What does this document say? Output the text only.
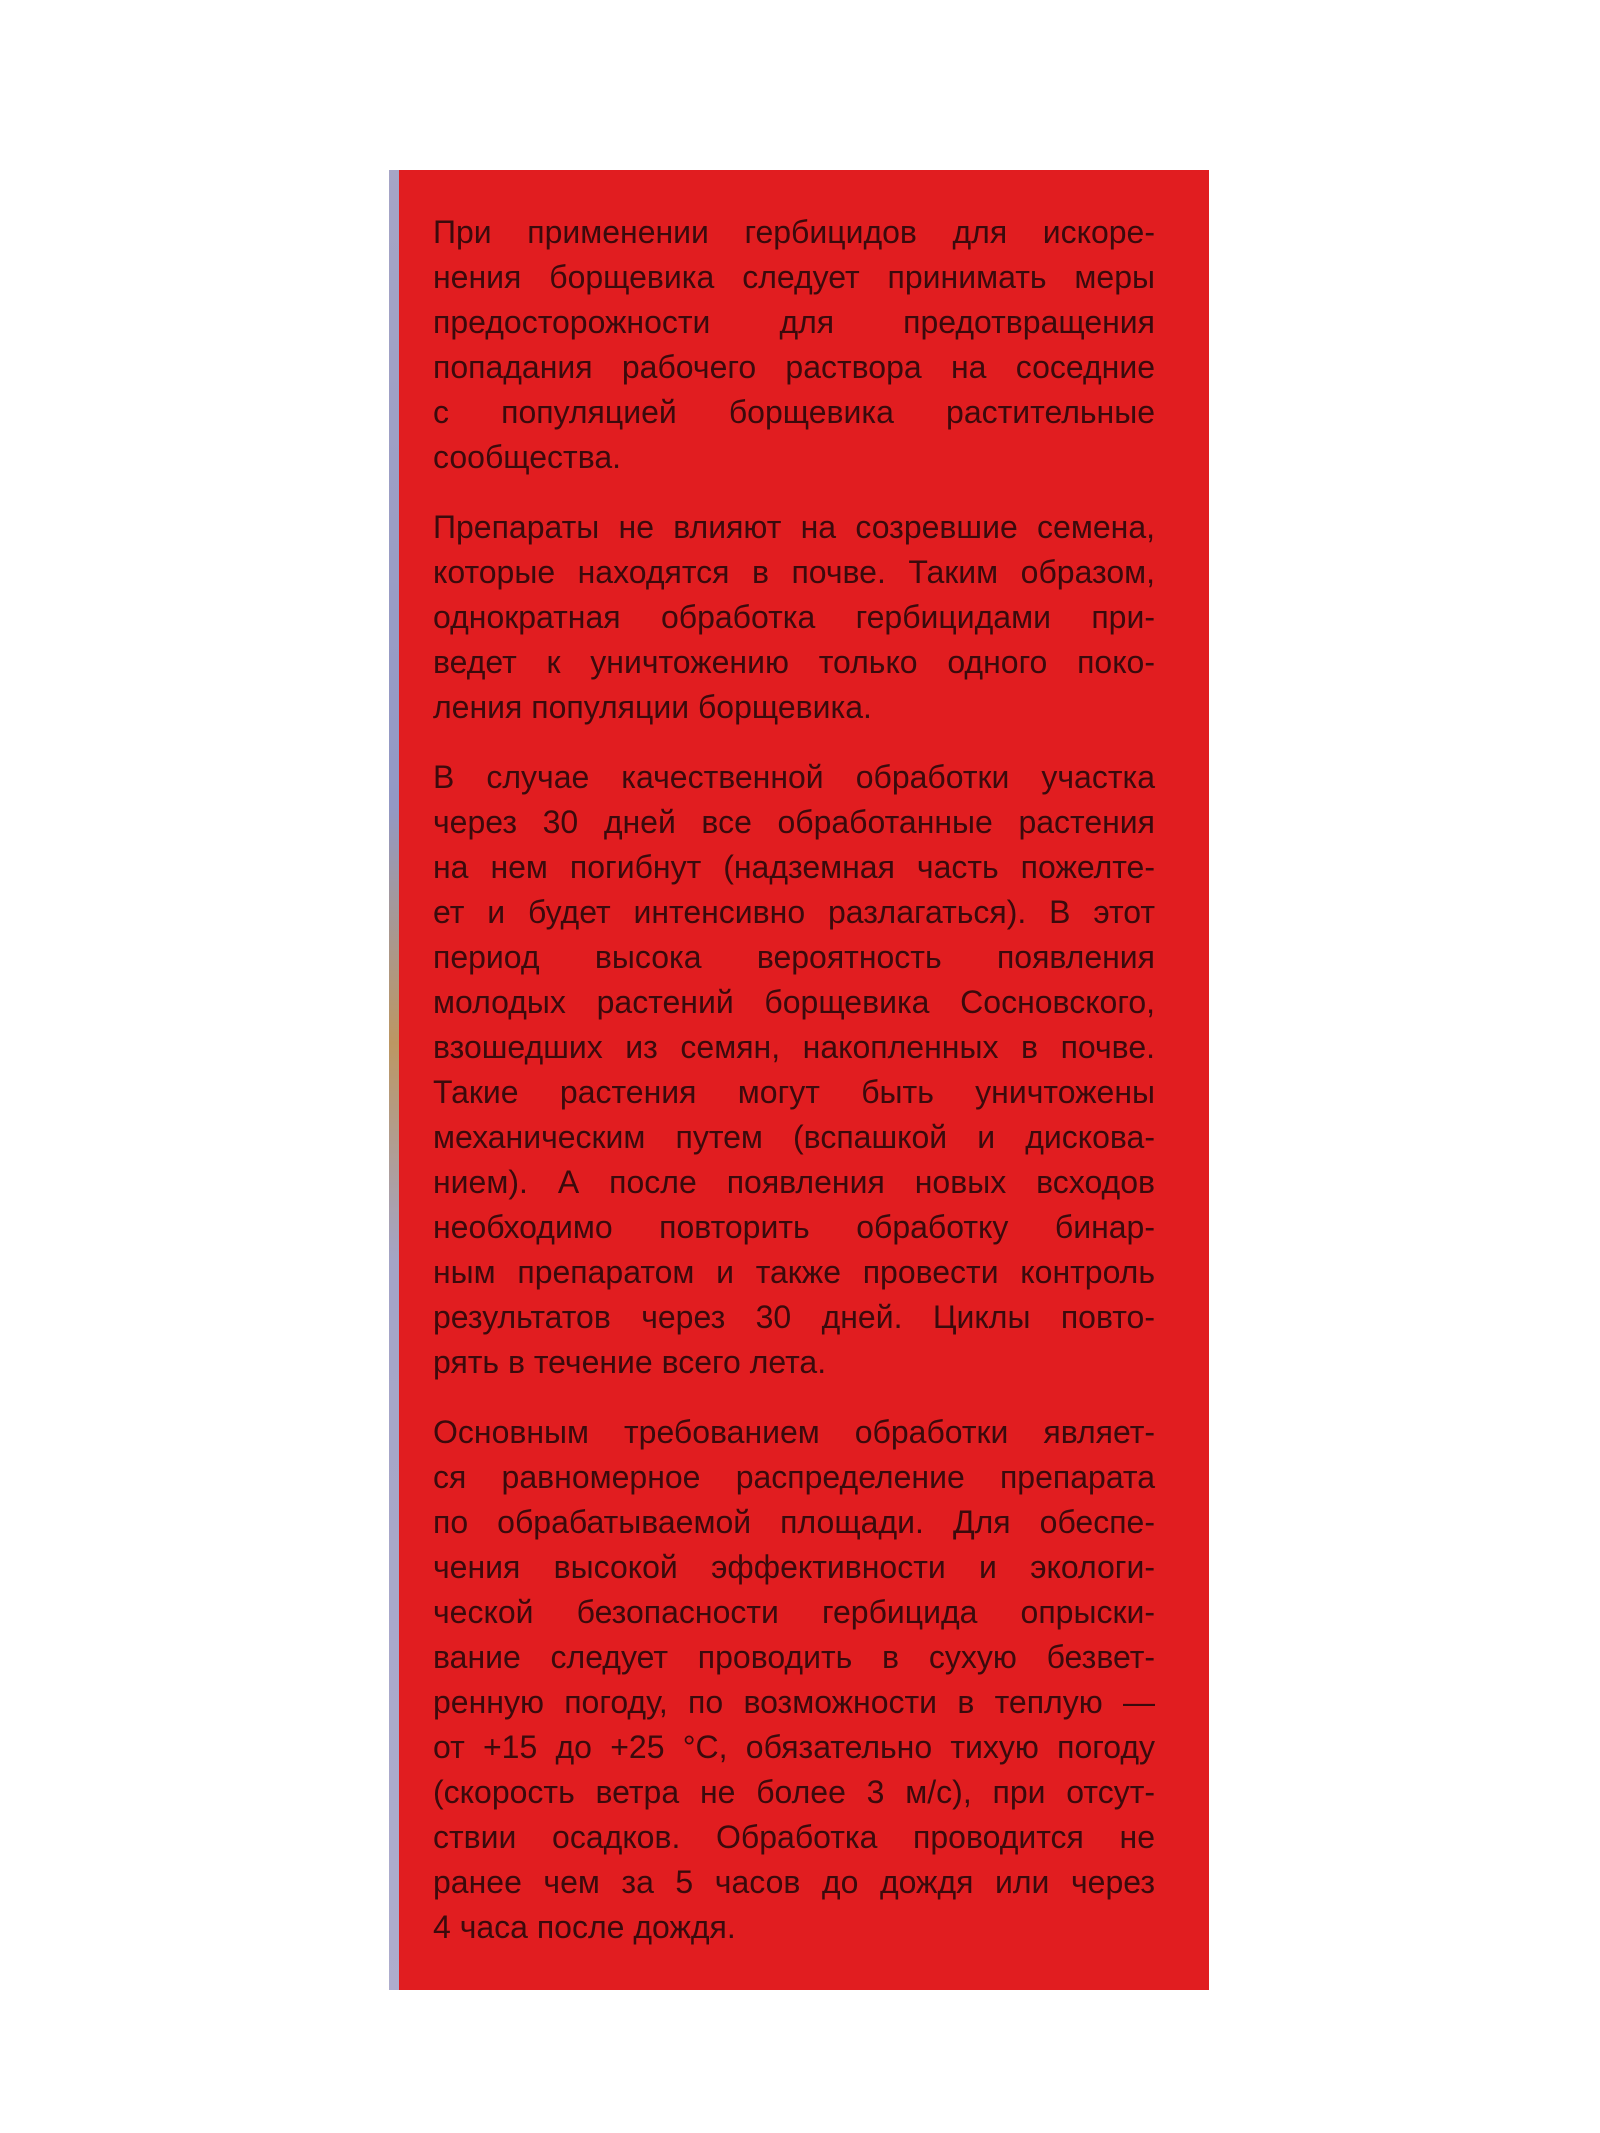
При применении гербицидов для искоре-
нения борщевика следует принимать меры
предосторожности для предотвращения
попадания рабочего раствора на соседние
с популяцией борщевика растительные
сообщества.

Препараты не влияют на созревшие семена,
которые находятся в почве. Таким образом,
однократная обработка гербицидами при-
ведет к уничтожению только одного поко-
ления популяции борщевика.

В случае качественной обработки участка
через 30 дней все обработанные растения
на нем погибнут (надземная часть пожелте-
ет и будет интенсивно разлагаться). В этот
период высока вероятность появления
молодых растений борщевика Сосновского,
взошедших из семян, накопленных в почве.
Такие растения могут быть уничтожены
механическим путем (вспашкой и дискова-
нием). А после появления новых всходов
необходимо повторить обработку бинар-
ным препаратом и также провести контроль
результатов через 30 дней. Циклы повто-
рять в течение всего лета.

Основным требованием обработки являет-
ся равномерное распределение препарата
по обрабатываемой площади. Для обеспе-
чения высокой эффективности и экологи-
ческой безопасности гербицида опрыски-
вание следует проводить в сухую безвет-
ренную погоду, по возможности в теплую —
от +15 до +25 °С, обязательно тихую погоду
(скорость ветра не более 3 м/с), при отсут-
ствии осадков. Обработка проводится не
ранее чем за 5 часов до дождя или через
4 часа после дождя.
